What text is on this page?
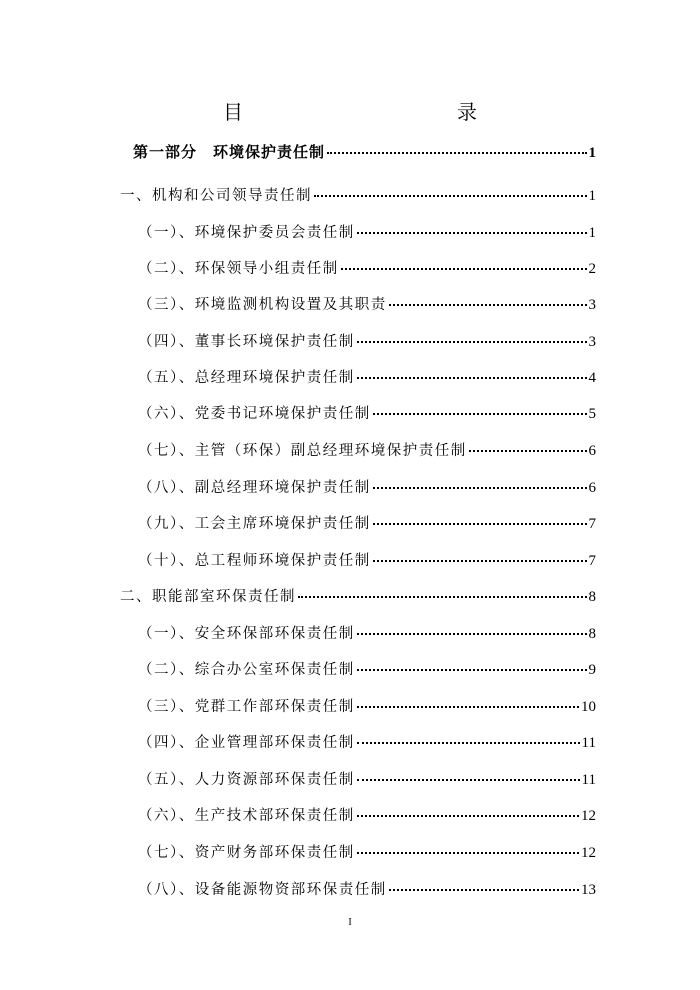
目　　录
第一部分　环境保护责任制	1
一、机构和公司领导责任制	1
（一）、环境保护委员会责任制	1
（二）、环保领导小组责任制	2
（三）、环境监测机构设置及其职责	3
（四）、董事长环境保护责任制	3
（五）、总经理环境保护责任制	4
（六）、党委书记环境保护责任制	5
（七）、主管（环保）副总经理环境保护责任制	6
（八）、副总经理环境保护责任制	6
（九）、工会主席环境保护责任制	7
（十）、总工程师环境保护责任制	7
二、职能部室环保责任制	8
（一）、安全环保部环保责任制	8
（二）、综合办公室环保责任制	9
（三）、党群工作部环保责任制	10
（四）、企业管理部环保责任制	11
（五）、人力资源部环保责任制	11
（六）、生产技术部环保责任制	12
（七）、资产财务部环保责任制	12
（八）、设备能源物资部环保责任制	13
I
